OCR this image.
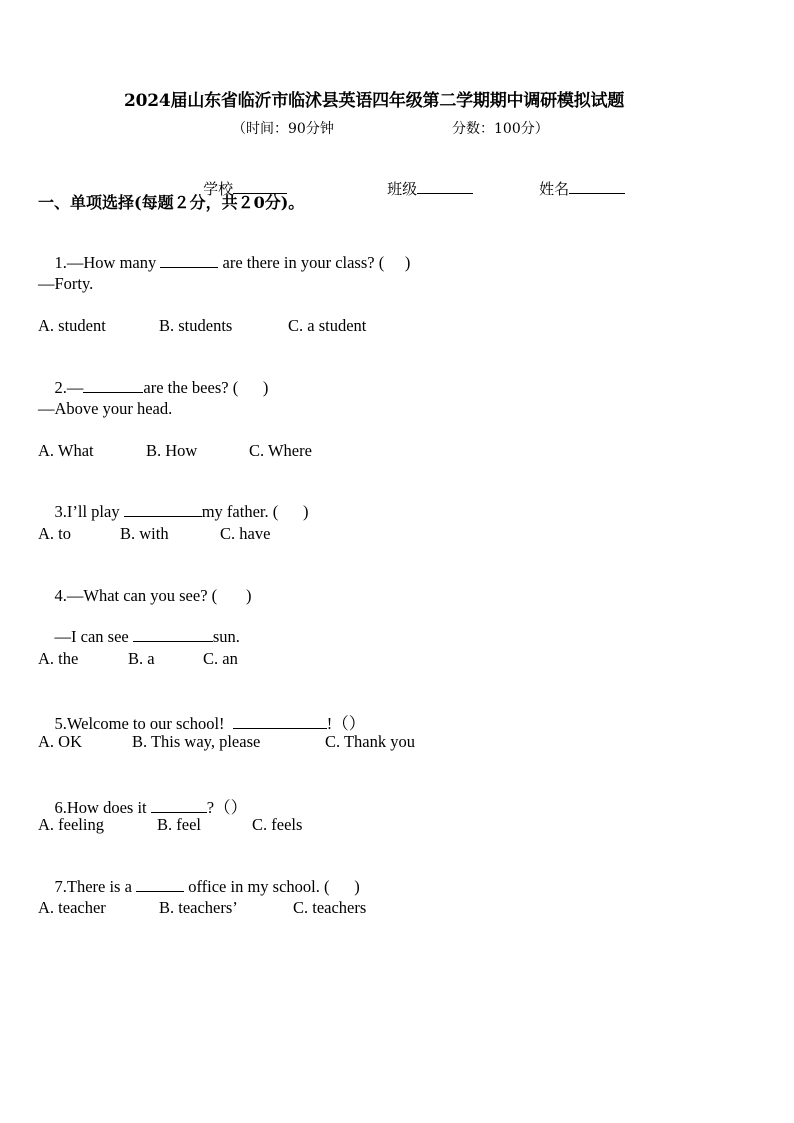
2024届山东省临沂市临沭县英语四年级第二学期期中调研模拟试题
（时间：90分钟	分数：100分）

学校
	班级
	姓名

一、单项选择(每题２分，共２0分)。

1.—How many	are there in your class? (     )

—Forty.
A. student	B. students	C. a student

2.—	are the bees? (      )

—Above your head.
A. What	B. How	C. Where

3.I’ll play	my father. (      )

A. to	B. with	C. have

4.—What can you see? (       )

—I can see	sun.

A. the	B. a	C. an

5.Welcome to our school!	!（）

A. OK	B. This way, please	C. Thank you

6.How does it	?（）

A. feeling	B. feel	C. feels

7.There is a	office in my school. (      )

A. teacher	B. teachers’	C. teachers
